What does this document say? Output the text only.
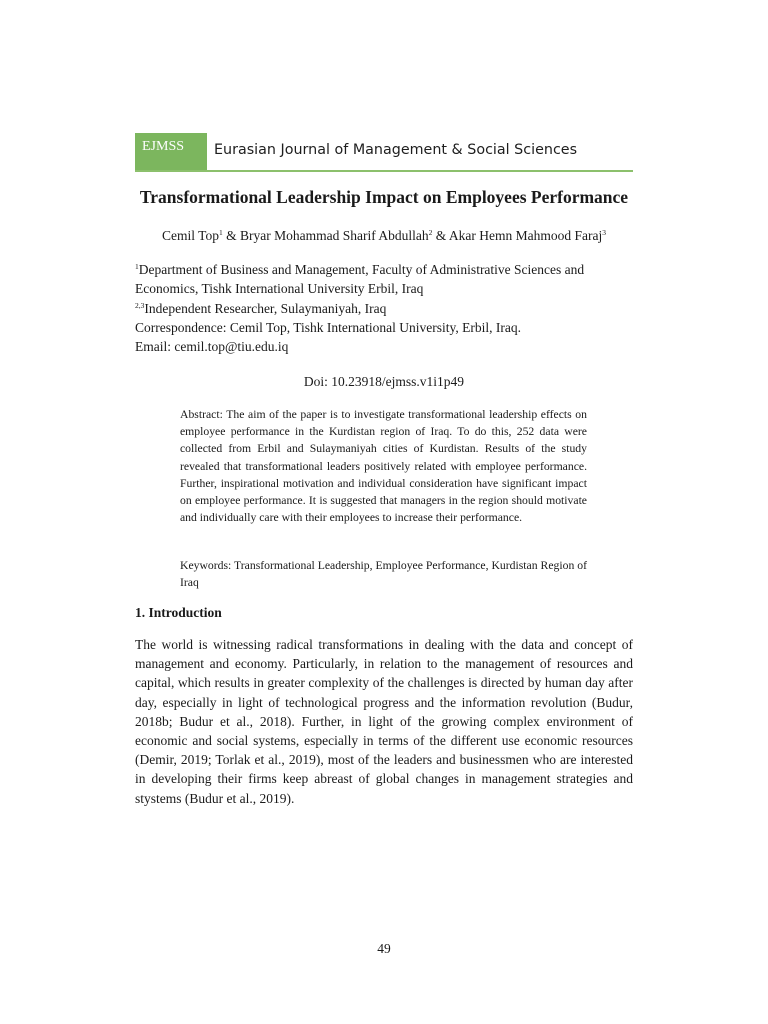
EJMSS	Eurasian Journal of Management & Social Sciences
Transformational Leadership Impact on Employees Performance
Cemil Top$^1$ & Bryar Mohammad Sharif Abdullah$^2$ & Akar Hemn Mahmood Faraj$^3$

$^1$Department of Business and Management, Faculty of Administrative Sciences and

Economics, Tishk International University Erbil, Iraq

$^{2,3}$Independent Researcher, Sulaymaniyah, Iraq

Correspondence: Cemil Top, Tishk International University, Erbil, Iraq.

Email: cemil.top@tiu.edu.iq

Doi: 10.23918/ejmss.v1i1p49

Abstract: The aim of the paper is to investigate transformational leadership effects on employee performance in the Kurdistan region of Iraq. To do this, 252 data were collected from Erbil and Sulaymaniyah cities of Kurdistan. Results of the study revealed that transformational leaders positively related with employee performance. Further, inspirational motivation and individual consideration have significant impact on employee performance. It is suggested that managers in the region should motivate and individually care with their employees to increase their performance.

Keywords: Transformational Leadership, Employee Performance, Kurdistan Region of Iraq

1. Introduction
The world is witnessing radical transformations in dealing with the data and concept of
management and economy. Particularly, in relation to the management of resources and
capital, which results in greater complexity of the challenges is directed by human day after
day, especially in light of technological progress and the information revolution (Budur,
2018b; Budur et al., 2018). Further, in light of the growing complex environment of
economic and social systems, especially in terms of the different use economic resources
(Demir, 2019; Torlak et al., 2019), most of the leaders and businessmen who are interested
in developing their firms keep abreast of global changes in management strategies and
stystems (Budur et al., 2019).
49
